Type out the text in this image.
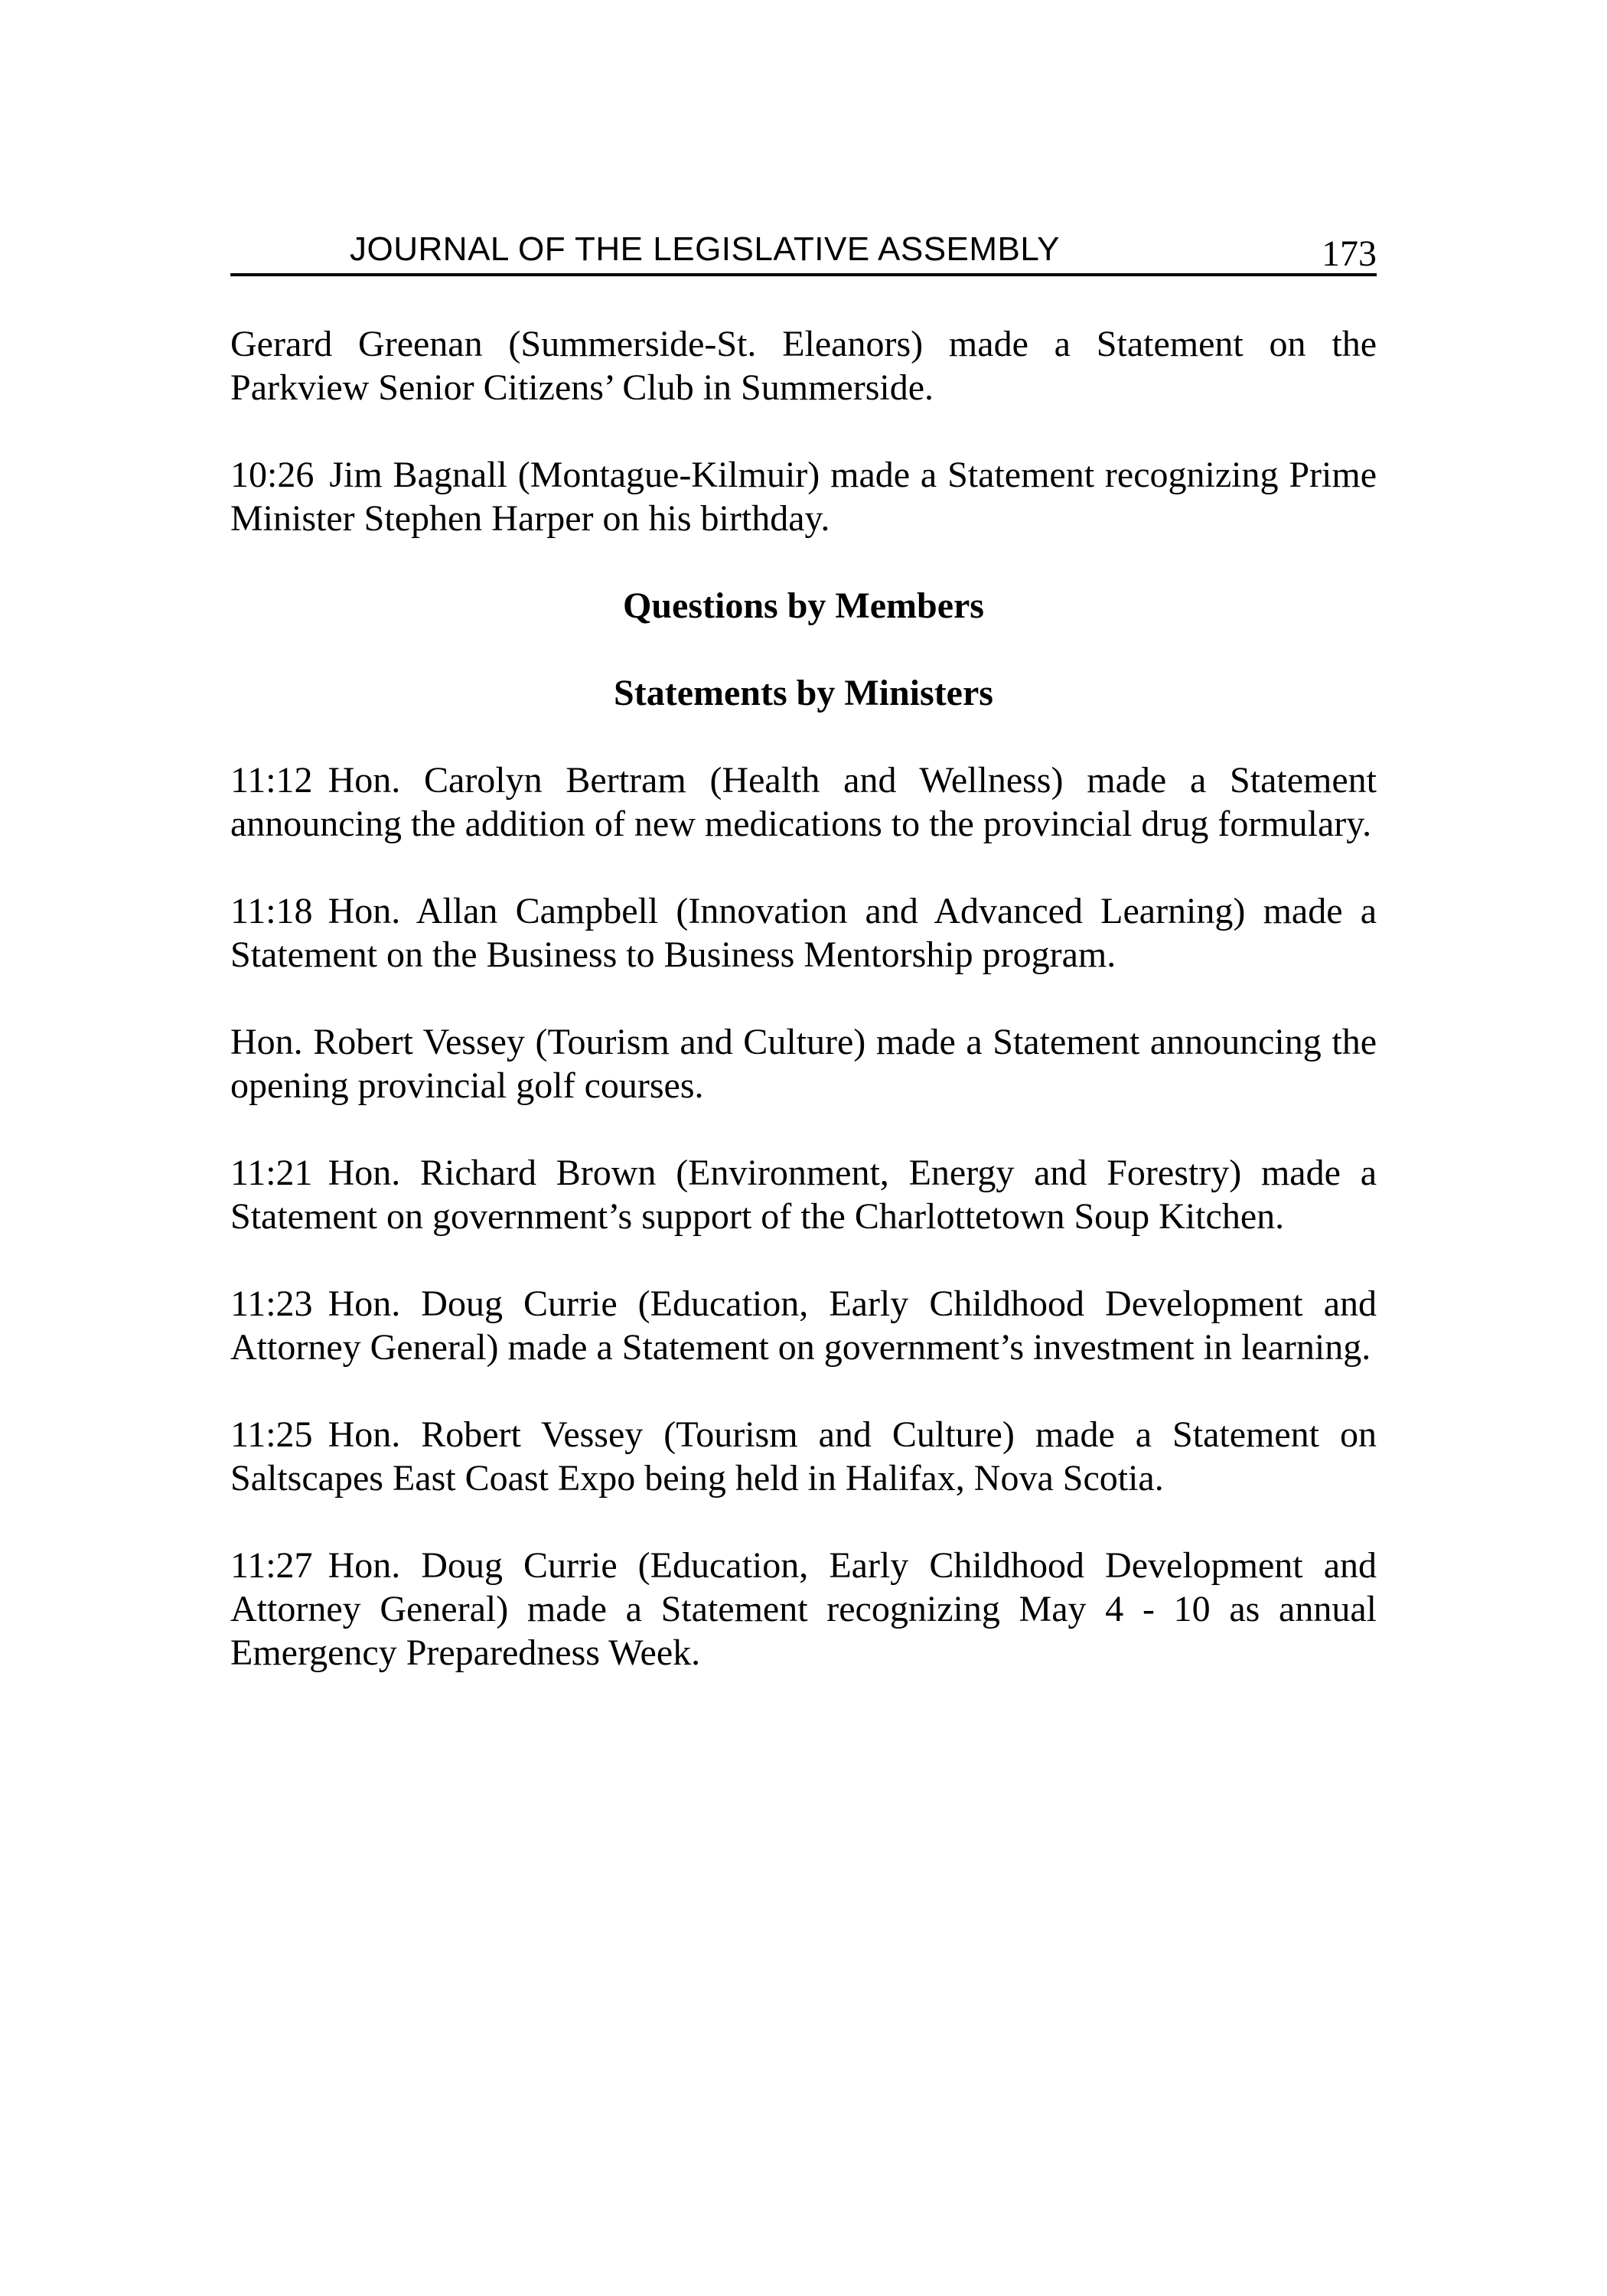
JOURNAL OF THE LEGISLATIVE ASSEMBLY	173

Gerard Greenan (Summerside-St. Eleanors) made a Statement on the Parkview Senior Citizens’ Club in Summerside.

10:26 Jim Bagnall (Montague-Kilmuir) made a Statement recognizing Prime Minister Stephen Harper on his birthday.

Questions by Members
Statements by Ministers

11:12 Hon. Carolyn Bertram (Health and Wellness) made a Statement announcing the addition of new medications to the provincial drug formulary.

11:18 Hon. Allan Campbell (Innovation and Advanced Learning) made a Statement on the Business to Business Mentorship program.

Hon. Robert Vessey (Tourism and Culture) made a Statement announcing the opening provincial golf courses.

11:21 Hon. Richard Brown (Environment, Energy and Forestry) made a Statement on government’s support of the Charlottetown Soup Kitchen.

11:23 Hon. Doug Currie (Education, Early Childhood Development and Attorney General) made a Statement on government’s investment in learning.

11:25 Hon. Robert Vessey (Tourism and Culture) made a Statement on Saltscapes East Coast Expo being held in Halifax, Nova Scotia.

11:27 Hon. Doug Currie (Education, Early Childhood Development and Attorney General) made a Statement recognizing May 4 - 10 as annual Emergency Preparedness Week.
